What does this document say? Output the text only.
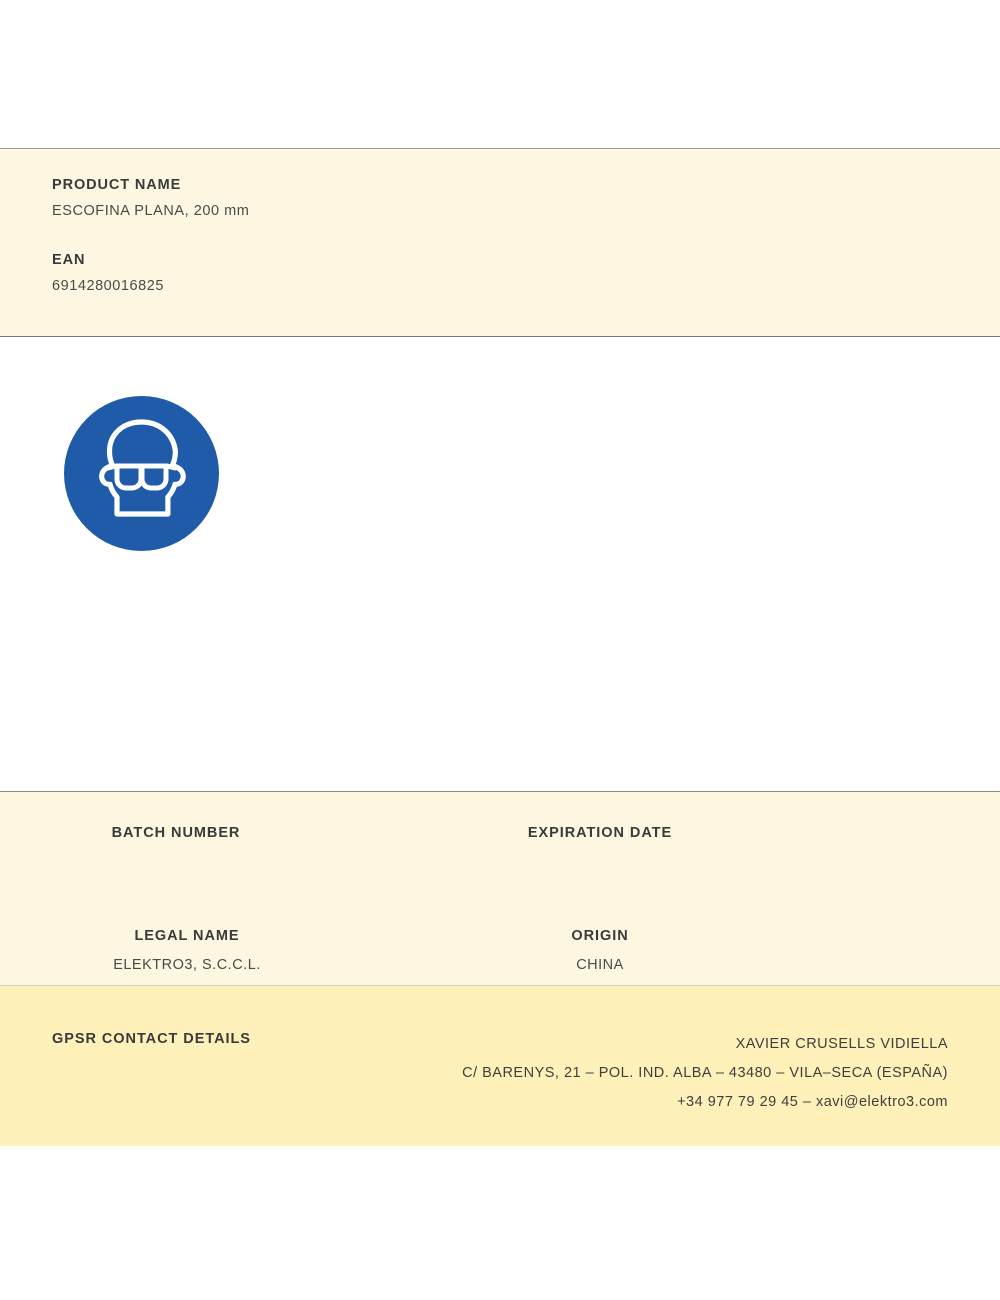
PRODUCT NAME

ESCOFINA PLANA, 200 mm

EAN

6914280016825

BATCH NUMBER	EXPIRATION DATE

LEGAL NAME

ELEKTRO3, S.C.C.L.

ORIGIN

CHINA

GPSR CONTACT DETAILS	XAVIER CRUSELLS VIDIELLA
C/ BARENYS, 21 – POL. IND. ALBA – 43480 – VILA–SECA (ESPAÑA)
+34 977 79 29 45 – xavi@elektro3.com
